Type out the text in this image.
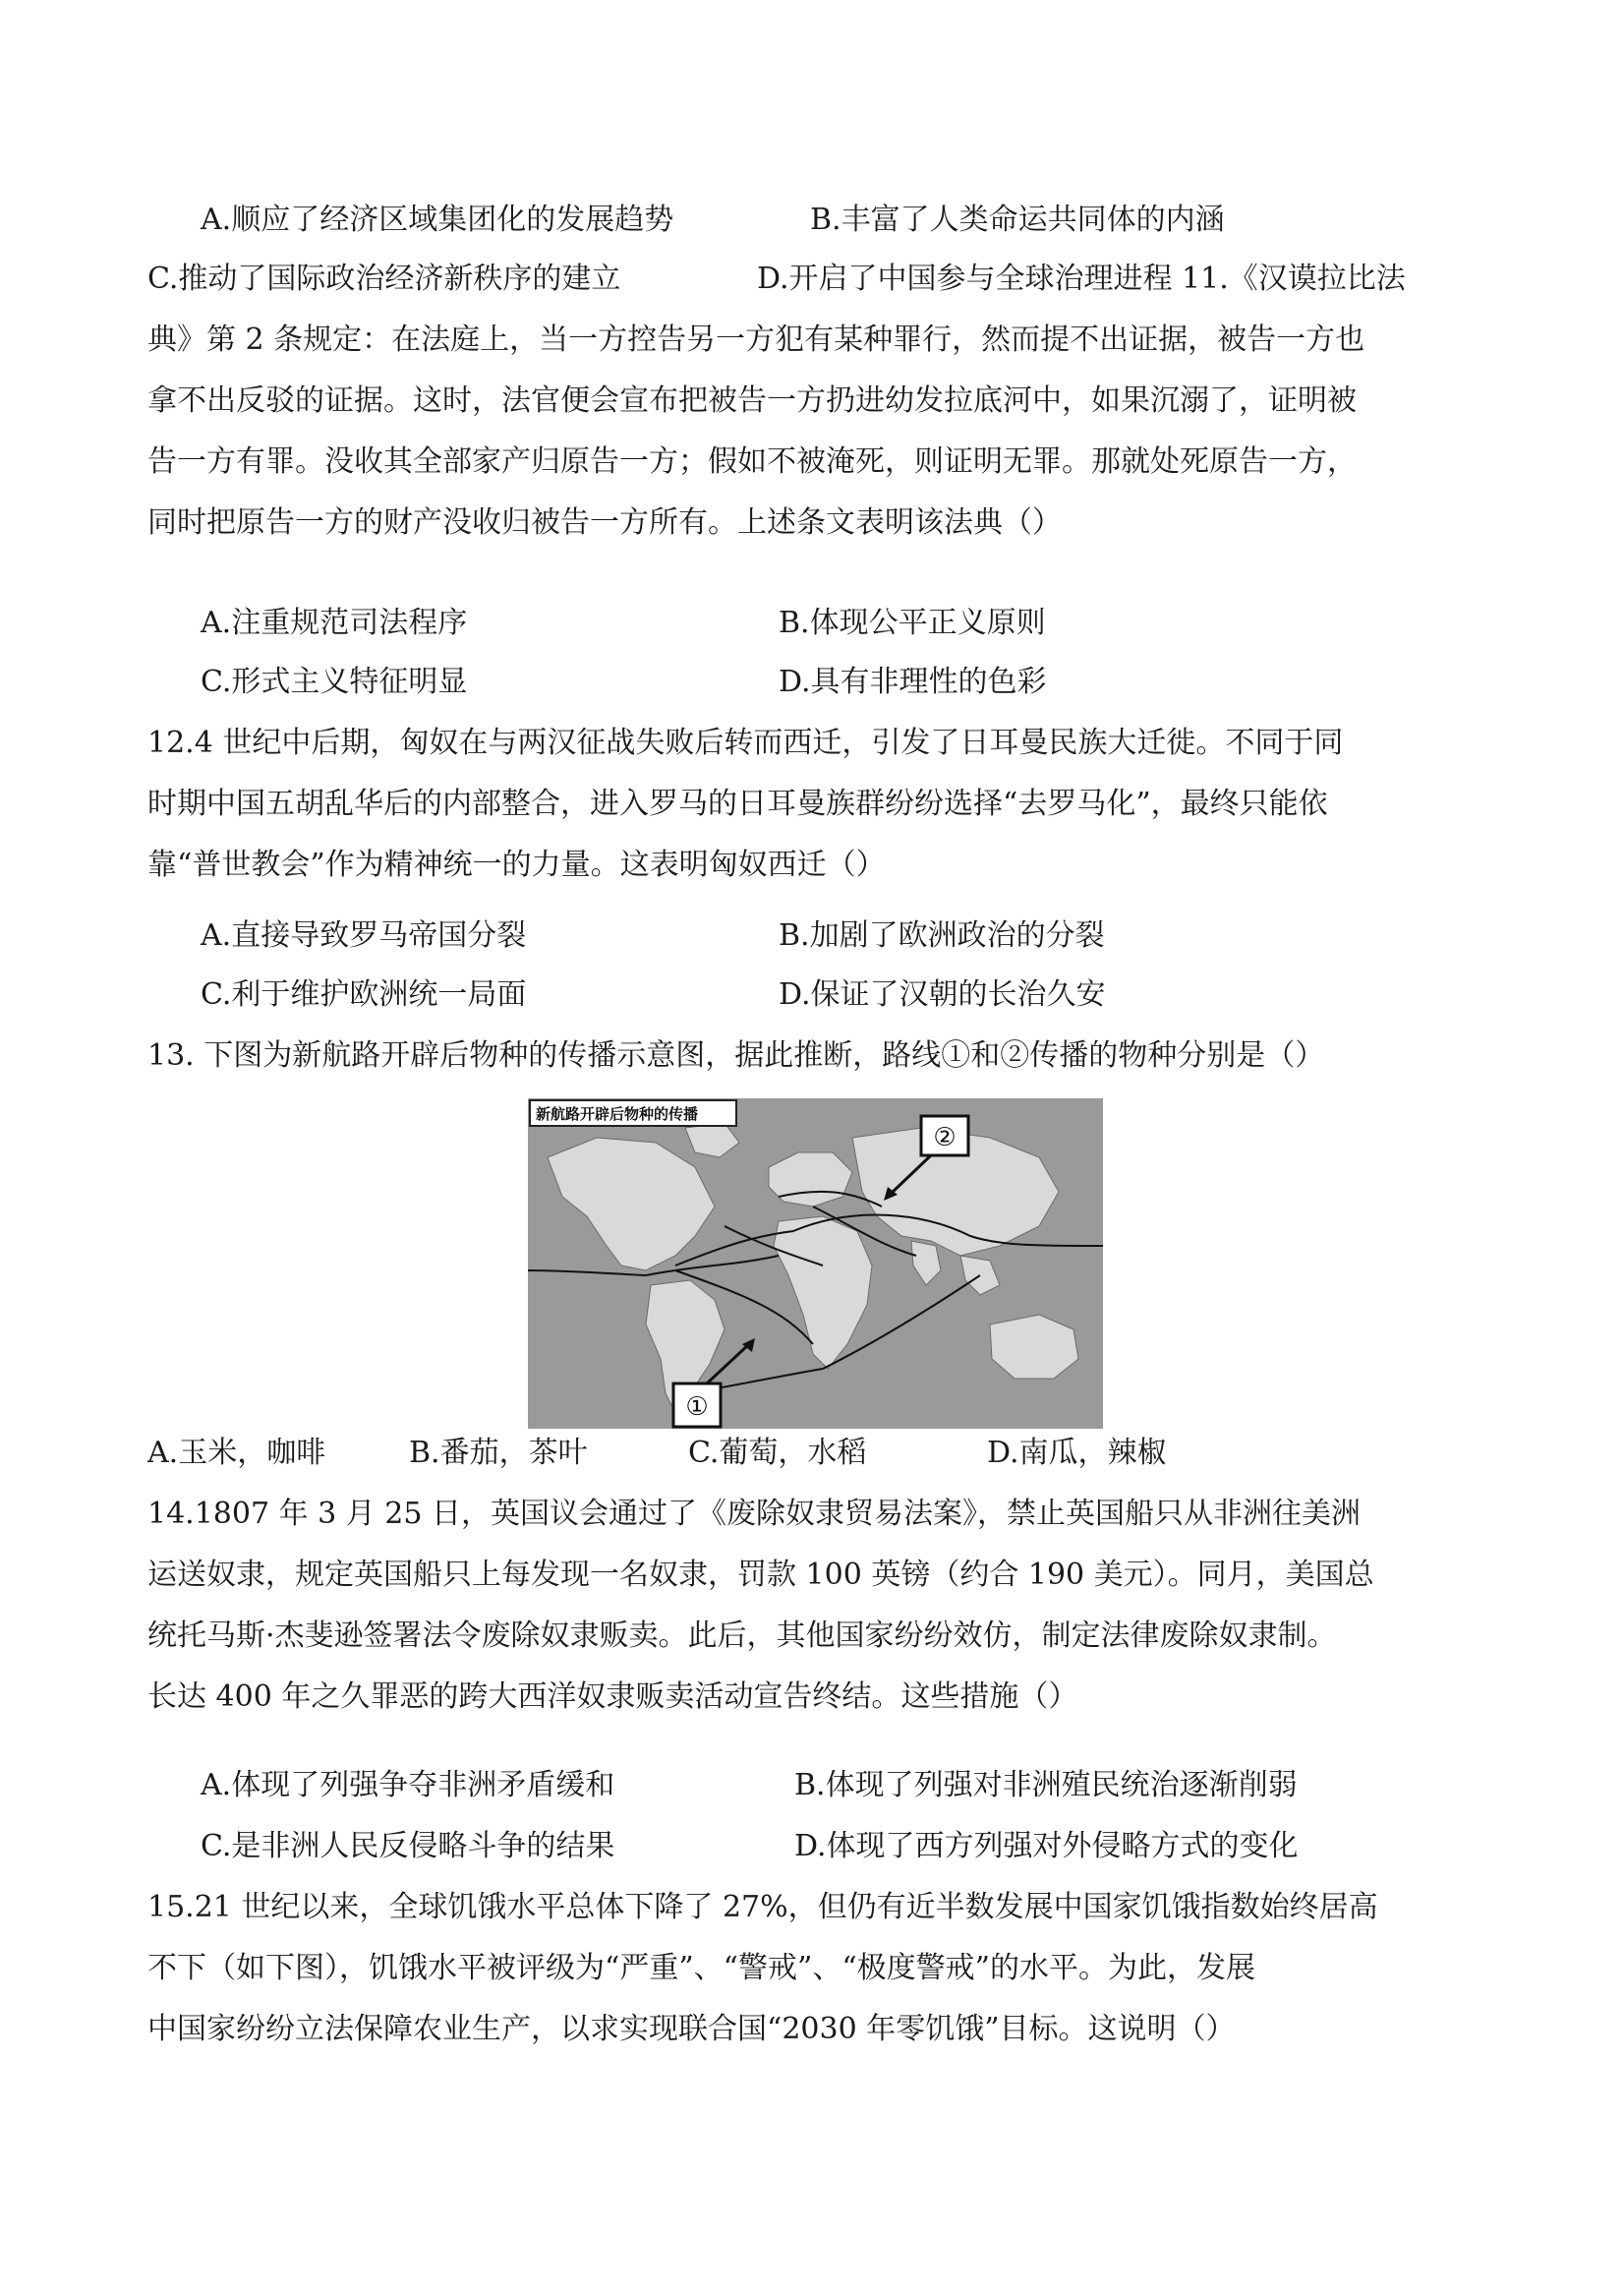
A.顺应了经济区域集团化的发展趋势	B.丰富了人类命运共同体的内涵
C.推动了国际政治经济新秩序的建立	D.开启了中国参与全球治理进程 11.《汉谟拉比法
典》第 2 条规定：在法庭上，当一方控告另一方犯有某种罪行，然而提不出证据，被告一方也
拿不出反驳的证据。这时，法官便会宣布把被告一方扔进幼发拉底河中，如果沉溺了，证明被
告一方有罪。没收其全部家产归原告一方；假如不被淹死，则证明无罪。那就处死原告一方，
同时把原告一方的财产没收归被告一方所有。上述条文表明该法典（）
A.注重规范司法程序	B.体现公平正义原则
C.形式主义特征明显	D.具有非理性的色彩
12.4 世纪中后期，匈奴在与两汉征战失败后转而西迁，引发了日耳曼民族大迁徙。不同于同
时期中国五胡乱华后的内部整合，进入罗马的日耳曼族群纷纷选择“去罗马化”，最终只能依
靠“普世教会”作为精神统一的力量。这表明匈奴西迁（）
A.直接导致罗马帝国分裂	B.加剧了欧洲政治的分裂
C.利于维护欧洲统一局面	D.保证了汉朝的长治久安
13. 下图为新航路开辟后物种的传播示意图，据此推断，路线①和②传播的物种分别是（）
新航路开辟后物种的传播
②
①
A.玉米，咖啡	B.番茄，茶叶	C.葡萄，水稻	D.南瓜，辣椒
14.1807 年 3 月 25 日，英国议会通过了《废除奴隶贸易法案》，禁止英国船只从非洲往美洲
运送奴隶，规定英国船只上每发现一名奴隶，罚款 100 英镑（约合 190 美元）。同月，美国总
统托马斯·杰斐逊签署法令废除奴隶贩卖。此后，其他国家纷纷效仿，制定法律废除奴隶制。
长达 400 年之久罪恶的跨大西洋奴隶贩卖活动宣告终结。这些措施（）
A.体现了列强争夺非洲矛盾缓和	B.体现了列强对非洲殖民统治逐渐削弱
C.是非洲人民反侵略斗争的结果	D.体现了西方列强对外侵略方式的变化
15.21 世纪以来，全球饥饿水平总体下降了 27%，但仍有近半数发展中国家饥饿指数始终居高
不下（如下图），饥饿水平被评级为“严重”、“警戒”、“极度警戒”的水平。为此，发展
中国家纷纷立法保障农业生产，以求实现联合国“2030 年零饥饿”目标。这说明（）
